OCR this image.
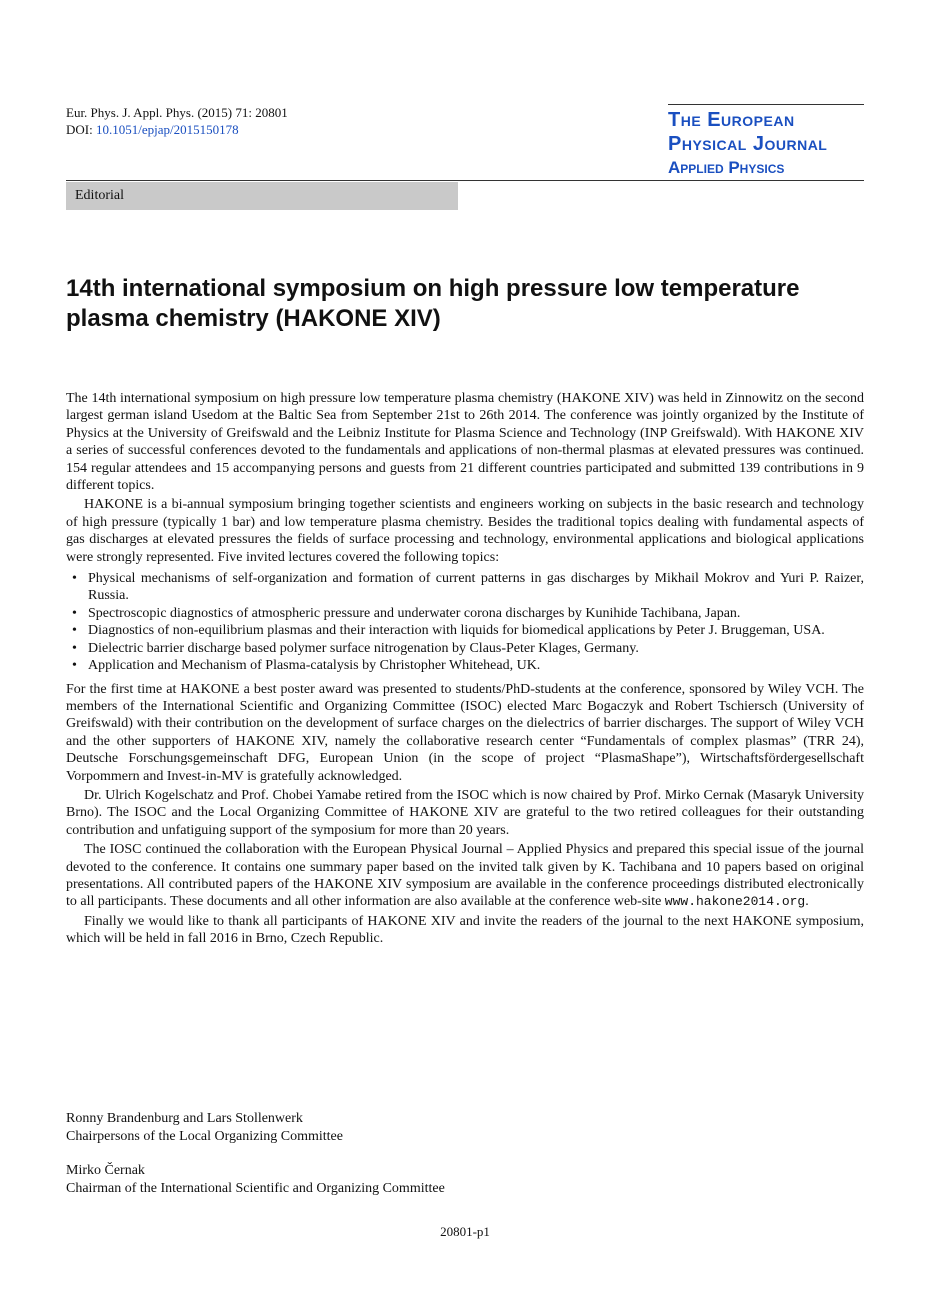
Eur. Phys. J. Appl. Phys. (2015) 71: 20801
DOI: 10.1051/epjap/2015150178	The European
Physical Journal
Applied Physics
Editorial
14th international symposium on high pressure low temperature plasma chemistry (HAKONE XIV)

The 14th international symposium on high pressure low temperature plasma chemistry (HAKONE XIV) was held in Zinnowitz on the second largest german island Usedom at the Baltic Sea from September 21st to 26th 2014. The conference was jointly organized by the Institute of Physics at the University of Greifswald and the Leibniz Institute for Plasma Science and Technology (INP Greifswald). With HAKONE XIV a series of successful conferences devoted to the fundamentals and applications of non-thermal plasmas at elevated pressures was continued. 154 regular attendees and 15 accompanying persons and guests from 21 different countries participated and submitted 139 contributions in 9 different topics.

HAKONE is a bi-annual symposium bringing together scientists and engineers working on subjects in the basic research and technology of high pressure (typically 1 bar) and low temperature plasma chemistry. Besides the traditional topics dealing with fundamental aspects of gas discharges at elevated pressures the fields of surface processing and technology, environmental applications and biological applications were strongly represented. Five invited lectures covered the following topics:

• Physical mechanisms of self-organization and formation of current patterns in gas discharges by Mikhail Mokrov and Yuri P. Raizer, Russia.
• Spectroscopic diagnostics of atmospheric pressure and underwater corona discharges by Kunihide Tachibana, Japan.
• Diagnostics of non-equilibrium plasmas and their interaction with liquids for biomedical applications by Peter J. Bruggeman, USA.
• Dielectric barrier discharge based polymer surface nitrogenation by Claus-Peter Klages, Germany.
• Application and Mechanism of Plasma-catalysis by Christopher Whitehead, UK.

For the first time at HAKONE a best poster award was presented to students/PhD-students at the conference, sponsored by Wiley VCH. The members of the International Scientific and Organizing Committee (ISOC) elected Marc Bogaczyk and Robert Tschiersch (University of Greifswald) with their contribution on the development of surface charges on the dielectrics of barrier discharges. The support of Wiley VCH and the other supporters of HAKONE XIV, namely the collaborative research center “Fundamentals of complex plasmas” (TRR 24), Deutsche Forschungsgemeinschaft DFG, European Union (in the scope of project “PlasmaShape”), Wirtschaftsfördergesellschaft Vorpommern and Invest-in-MV is gratefully acknowledged.

Dr. Ulrich Kogelschatz and Prof. Chobei Yamabe retired from the ISOC which is now chaired by Prof. Mirko Cernak (Masaryk University Brno). The ISOC and the Local Organizing Committee of HAKONE XIV are grateful to the two retired colleagues for their outstanding contribution and unfatiguing support of the symposium for more than 20 years.

The IOSC continued the collaboration with the European Physical Journal – Applied Physics and prepared this special issue of the journal devoted to the conference. It contains one summary paper based on the invited talk given by K. Tachibana and 10 papers based on original presentations. All contributed papers of the HAKONE XIV symposium are available in the conference proceedings distributed electronically to all participants. These documents and all other information are also available at the conference web-site www.hakone2014.org.

Finally we would like to thank all participants of HAKONE XIV and invite the readers of the journal to the next HAKONE symposium, which will be held in fall 2016 in Brno, Czech Republic.

Ronny Brandenburg and Lars Stollenwerk
Chairpersons of the Local Organizing Committee
Mirko Černak
Chairman of the International Scientific and Organizing Committee
20801-p1
